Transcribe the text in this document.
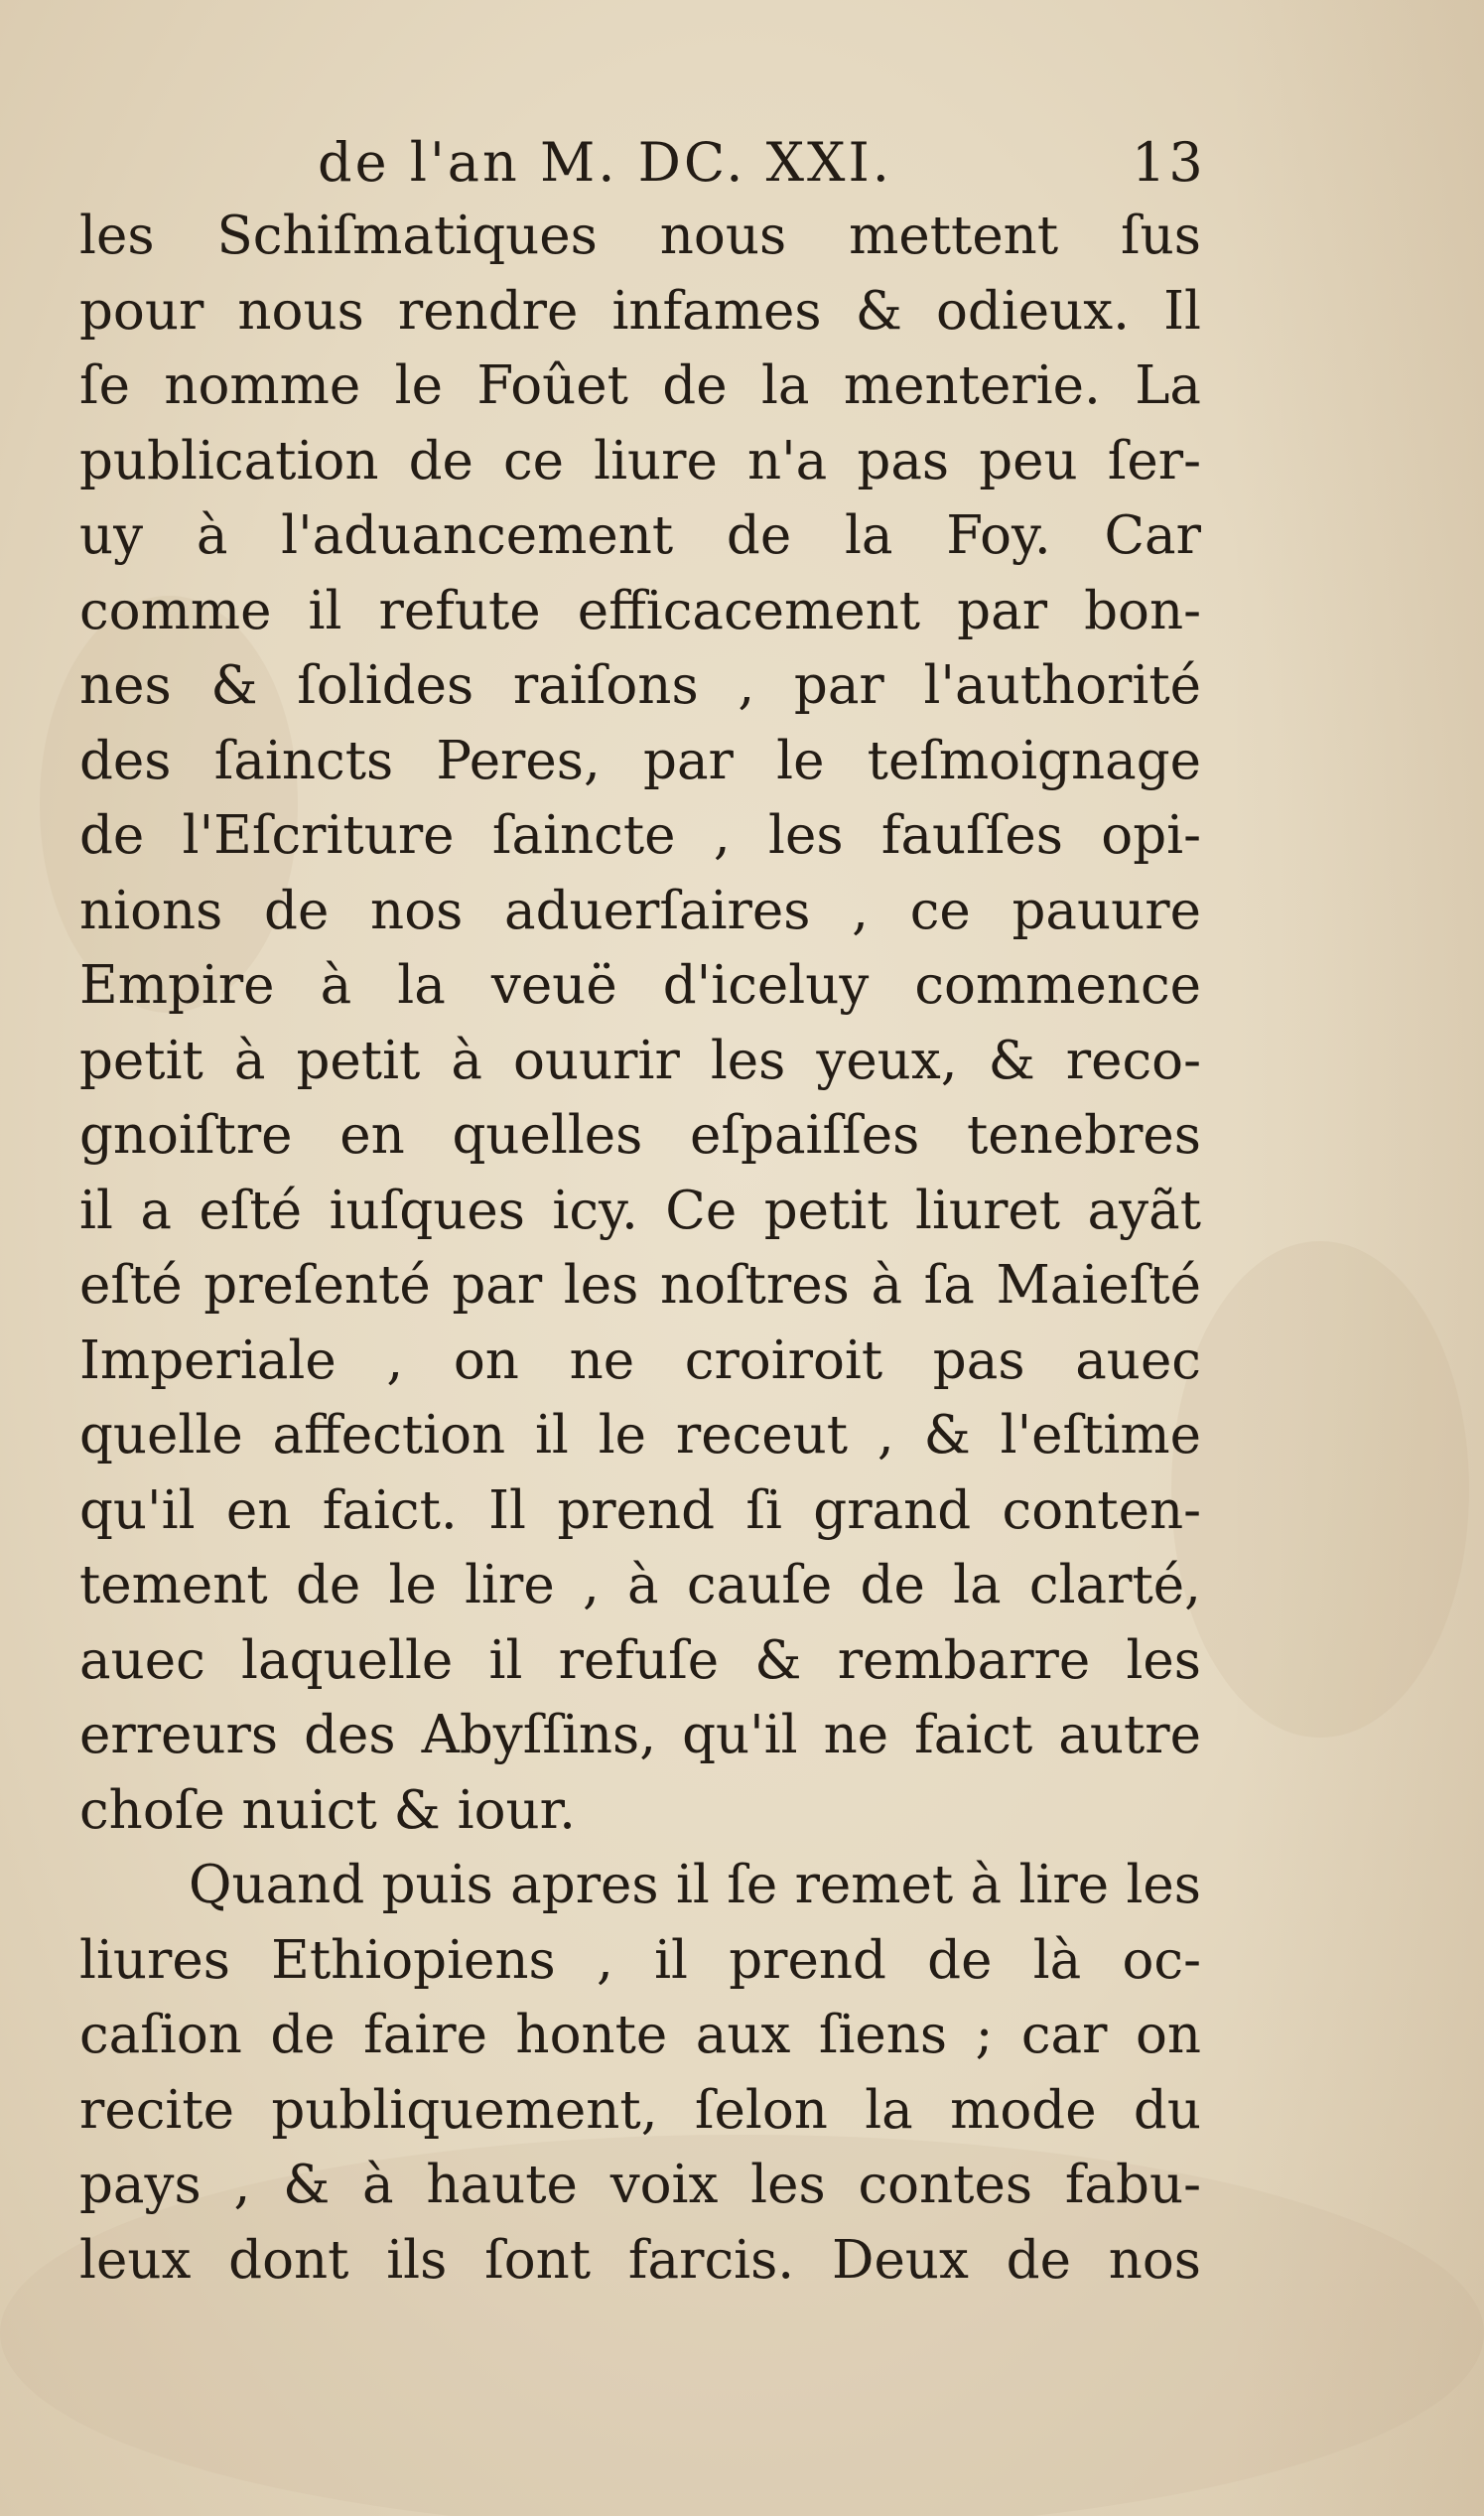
de l'an M. DC. XXI.	13
les Schiſmatiques nous mettent ſus
pour nous rendre infames & odieux. Il
ſe nomme le Foûet de la menterie. La
publication de ce liure n'a pas peu ſer-
uy à l'aduancement de la Foy. Car
comme il refute efficacement par bon-
nes & ſolides raiſons , par l'authorité
des ſaincts Peres, par le teſmoignage
de l'Eſcriture ſaincte , les fauſſes opi-
nions de nos aduerſaires , ce pauure
Empire à la veuë d'iceluy commence
petit à petit à ouurir les yeux, & reco-
gnoiſtre en quelles eſpaiſſes tenebres
il a eſté iuſques icy. Ce petit liuret ayãt
eſté preſenté par les noſtres à ſa Maieſté
Imperiale , on ne croiroit pas auec
quelle affection il le receut , & l'eſtime
qu'il en faict. Il prend ſi grand conten-
tement de le lire , à cauſe de la clarté,
auec laquelle il refuſe & rembarre les
erreurs des Abyſſins, qu'il ne faict autre
choſe nuict & iour.
Quand puis apres il ſe remet à lire les
liures Ethiopiens , il prend de là oc-
caſion de faire honte aux ſiens ; car on
recite publiquement, ſelon la mode du
pays , & à haute voix les contes fabu-
leux dont ils ſont farcis. Deux de nos
